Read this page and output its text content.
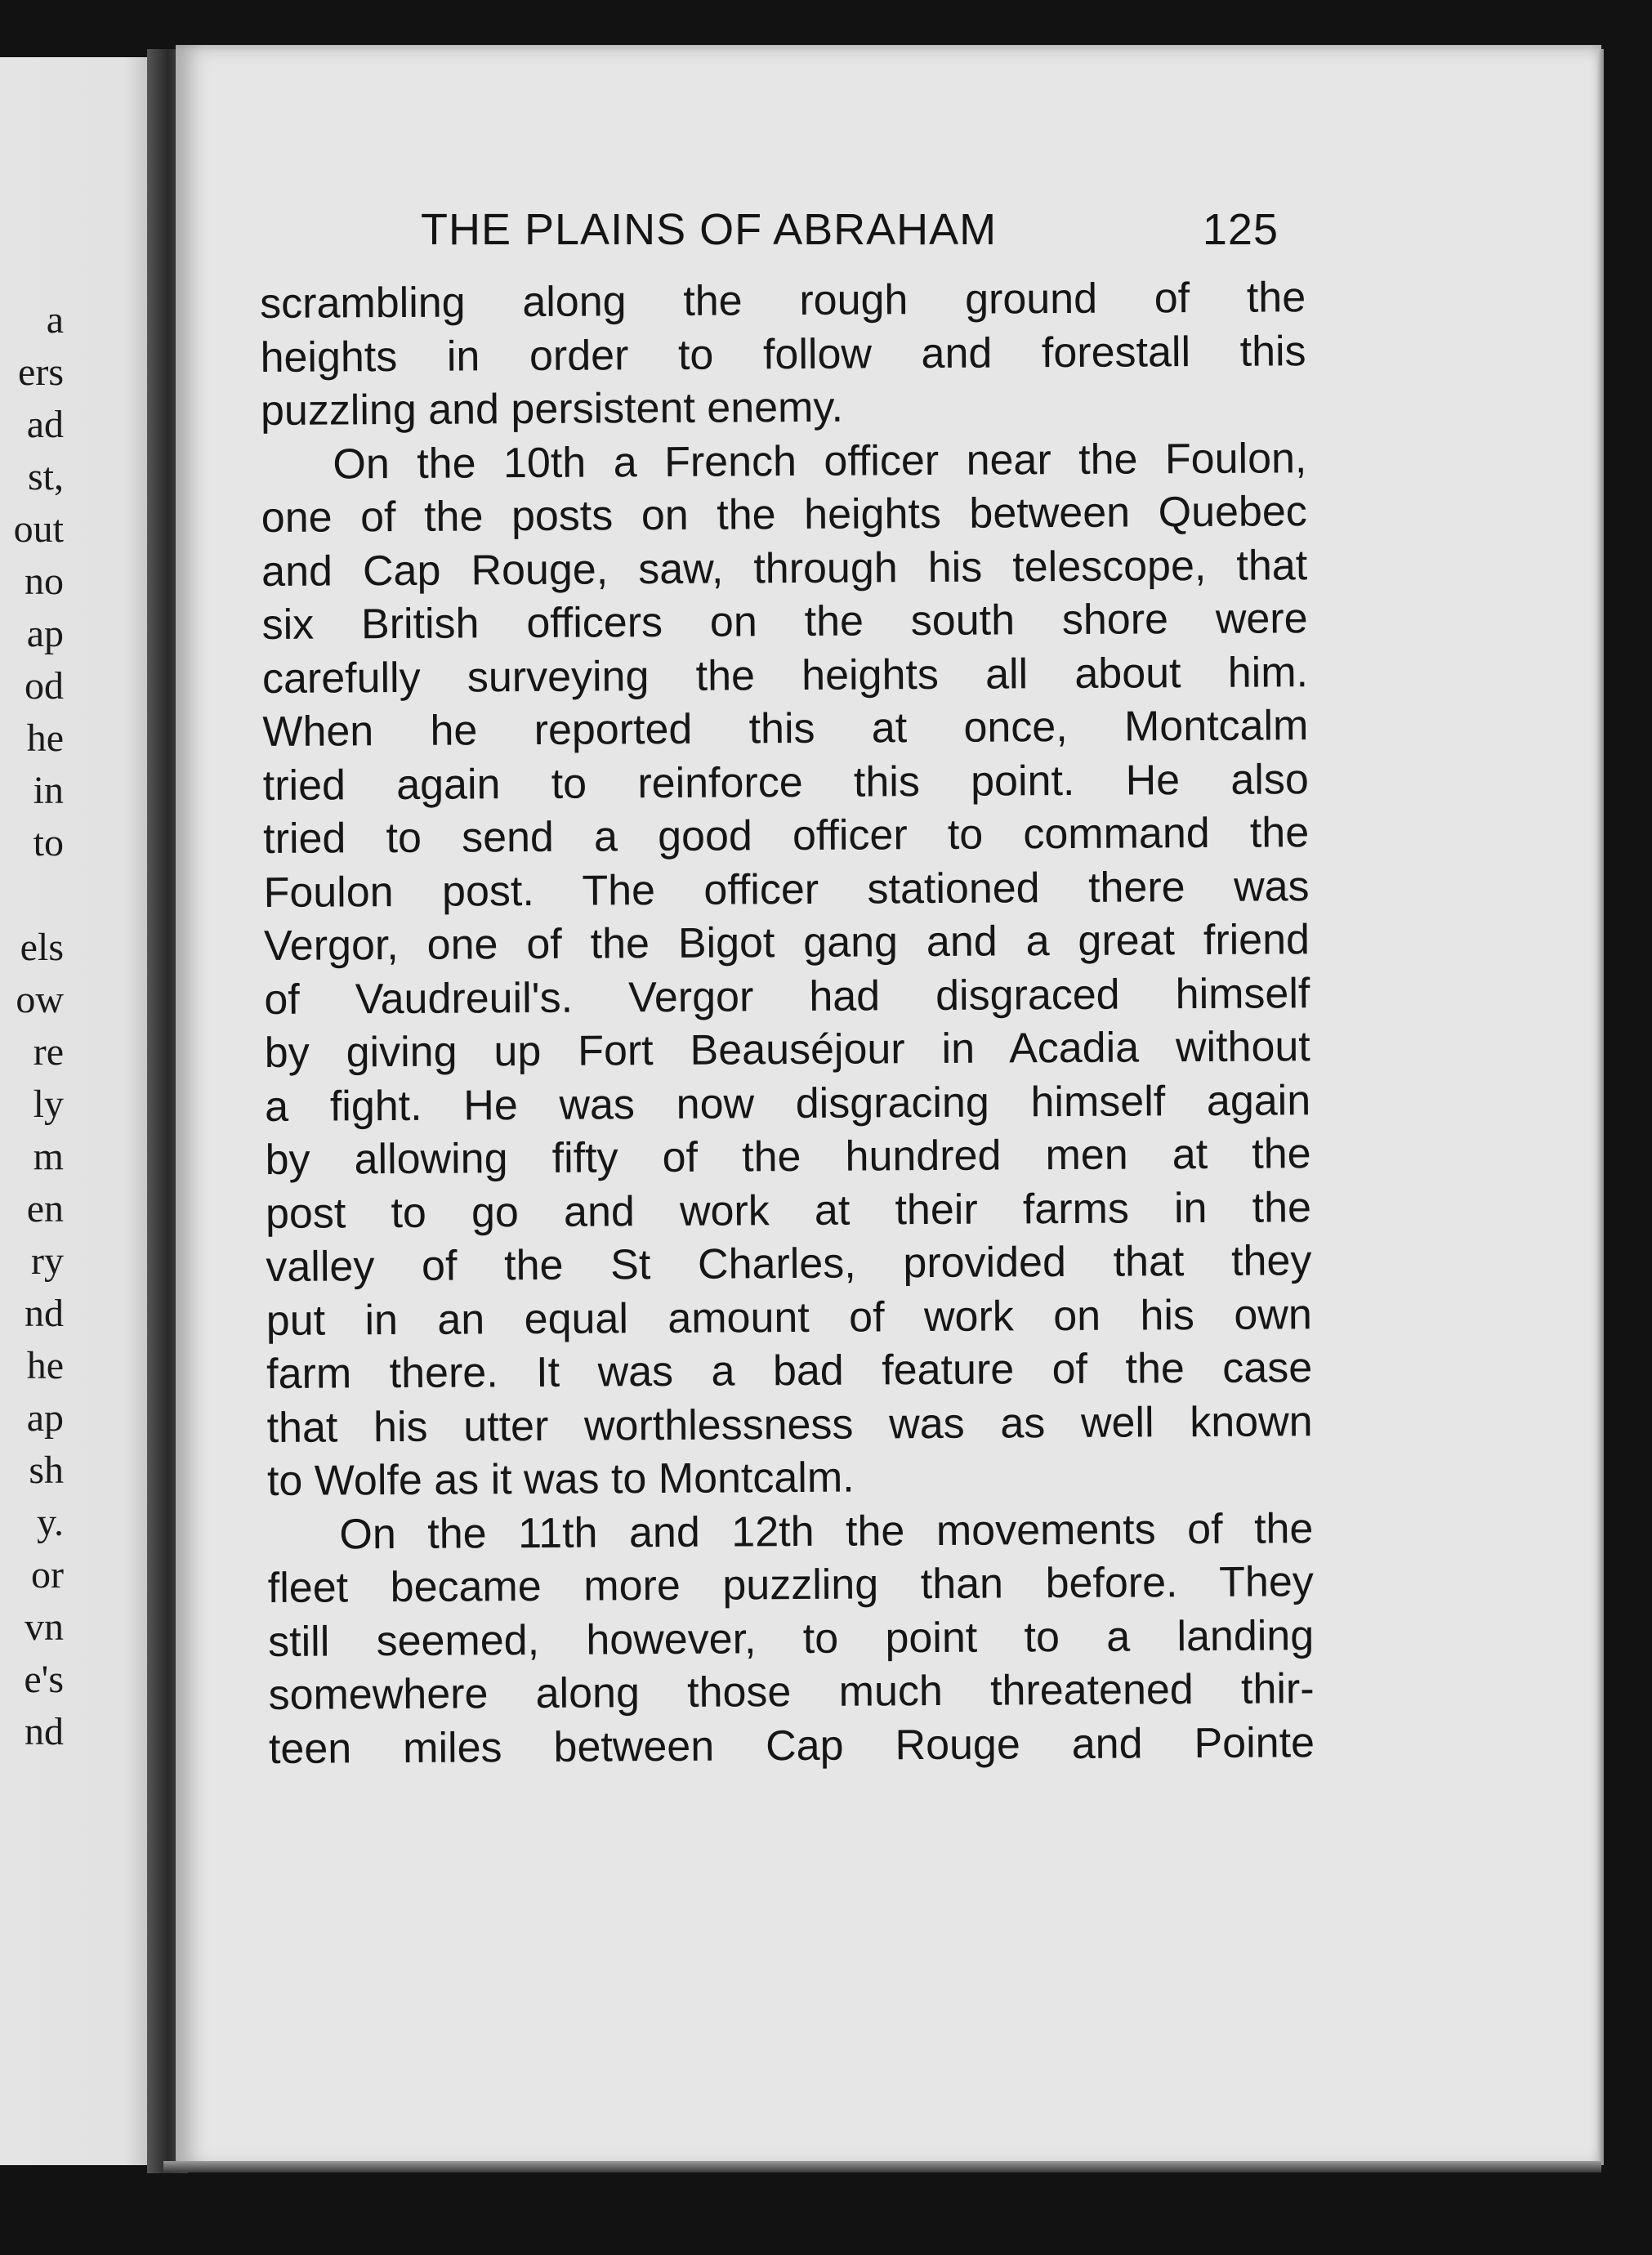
a
ers
ad
st,
out
no
ap
od
he
in
to
els
ow
re
ly
m
en
ry
nd
he
ap
sh
y.
or
vn
e's
nd
THE PLAINS OF ABRAHAM	125
scrambling along the rough ground of the
heights in order to follow and forestall this
puzzling and persistent enemy.
On the 10th a French officer near the Foulon,
one of the posts on the heights between Quebec
and Cap Rouge, saw, through his telescope, that
six British officers on the south shore were
carefully surveying the heights all about him.
When he reported this at once, Montcalm
tried again to reinforce this point. He also
tried to send a good officer to command the
Foulon post. The officer stationed there was
Vergor, one of the Bigot gang and a great friend
of Vaudreuil's. Vergor had disgraced himself
by giving up Fort Beauséjour in Acadia without
a fight. He was now disgracing himself again
by allowing fifty of the hundred men at the
post to go and work at their farms in the
valley of the St Charles, provided that they
put in an equal amount of work on his own
farm there. It was a bad feature of the case
that his utter worthlessness was as well known
to Wolfe as it was to Montcalm.
On the 11th and 12th the movements of the
fleet became more puzzling than before. They
still seemed, however, to point to a landing
somewhere along those much threatened thir-
teen miles between Cap Rouge and Pointe
